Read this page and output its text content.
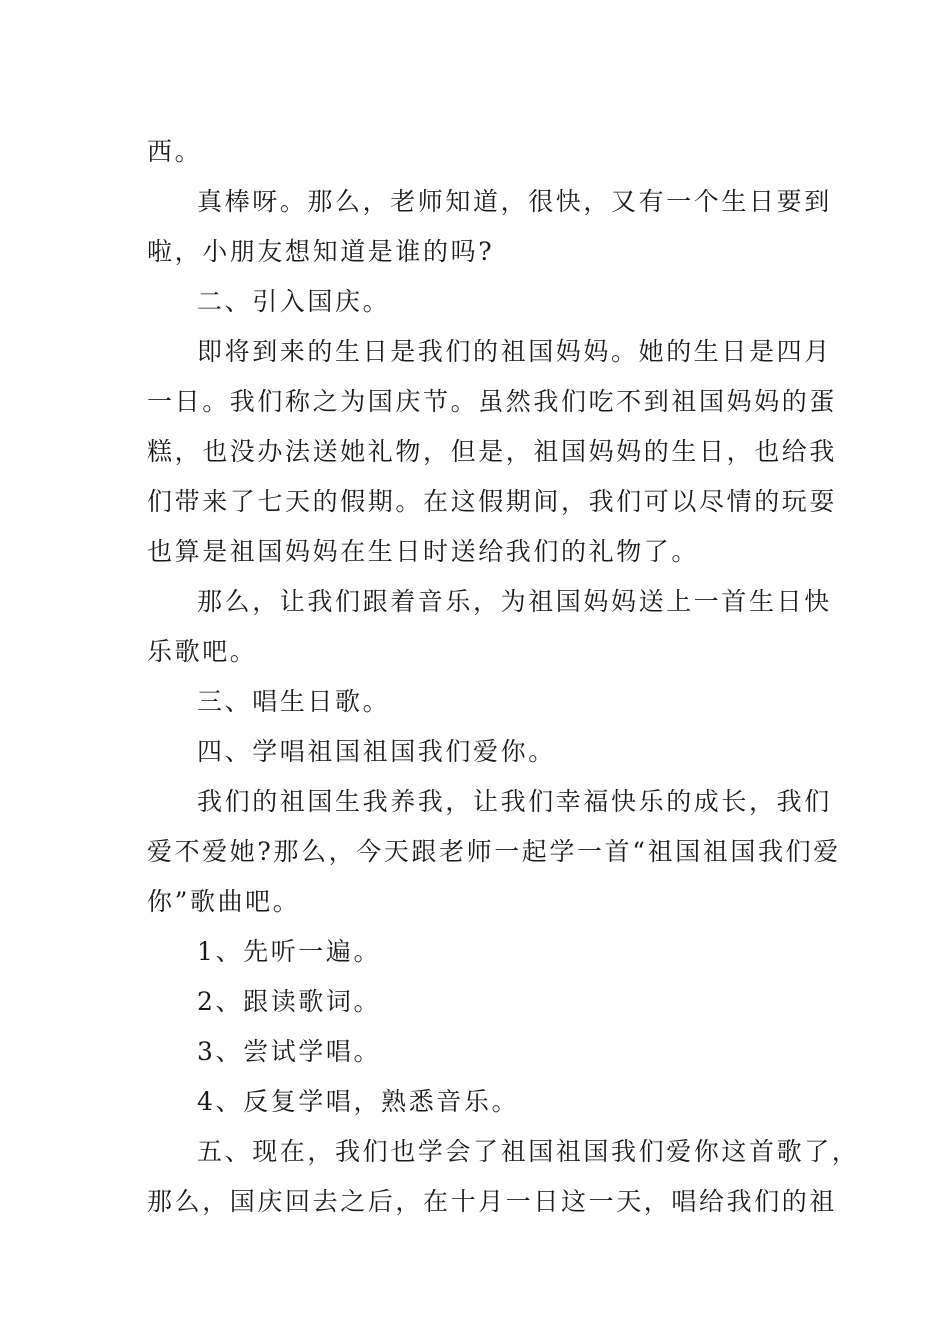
西。
真棒呀。那么，老师知道，很快，又有一个生日要到
啦，小朋友想知道是谁的吗?
二、引入国庆。
即将到来的生日是我们的祖国妈妈。她的生日是四月
一日。我们称之为国庆节。虽然我们吃不到祖国妈妈的蛋
糕，也没办法送她礼物，但是，祖国妈妈的生日，也给我
们带来了七天的假期。在这假期间，我们可以尽情的玩耍
也算是祖国妈妈在生日时送给我们的礼物了。
那么，让我们跟着音乐，为祖国妈妈送上一首生日快
乐歌吧。
三、唱生日歌。
四、学唱祖国祖国我们爱你。
我们的祖国生我养我，让我们幸福快乐的成长，我们
爱不爱她?那么，今天跟老师一起学一首“祖国祖国我们爱
你”歌曲吧。
1、先听一遍。
2、跟读歌词。
3、尝试学唱。
4、反复学唱，熟悉音乐。
五、现在，我们也学会了祖国祖国我们爱你这首歌了，
那么，国庆回去之后，在十月一日这一天，唱给我们的祖
